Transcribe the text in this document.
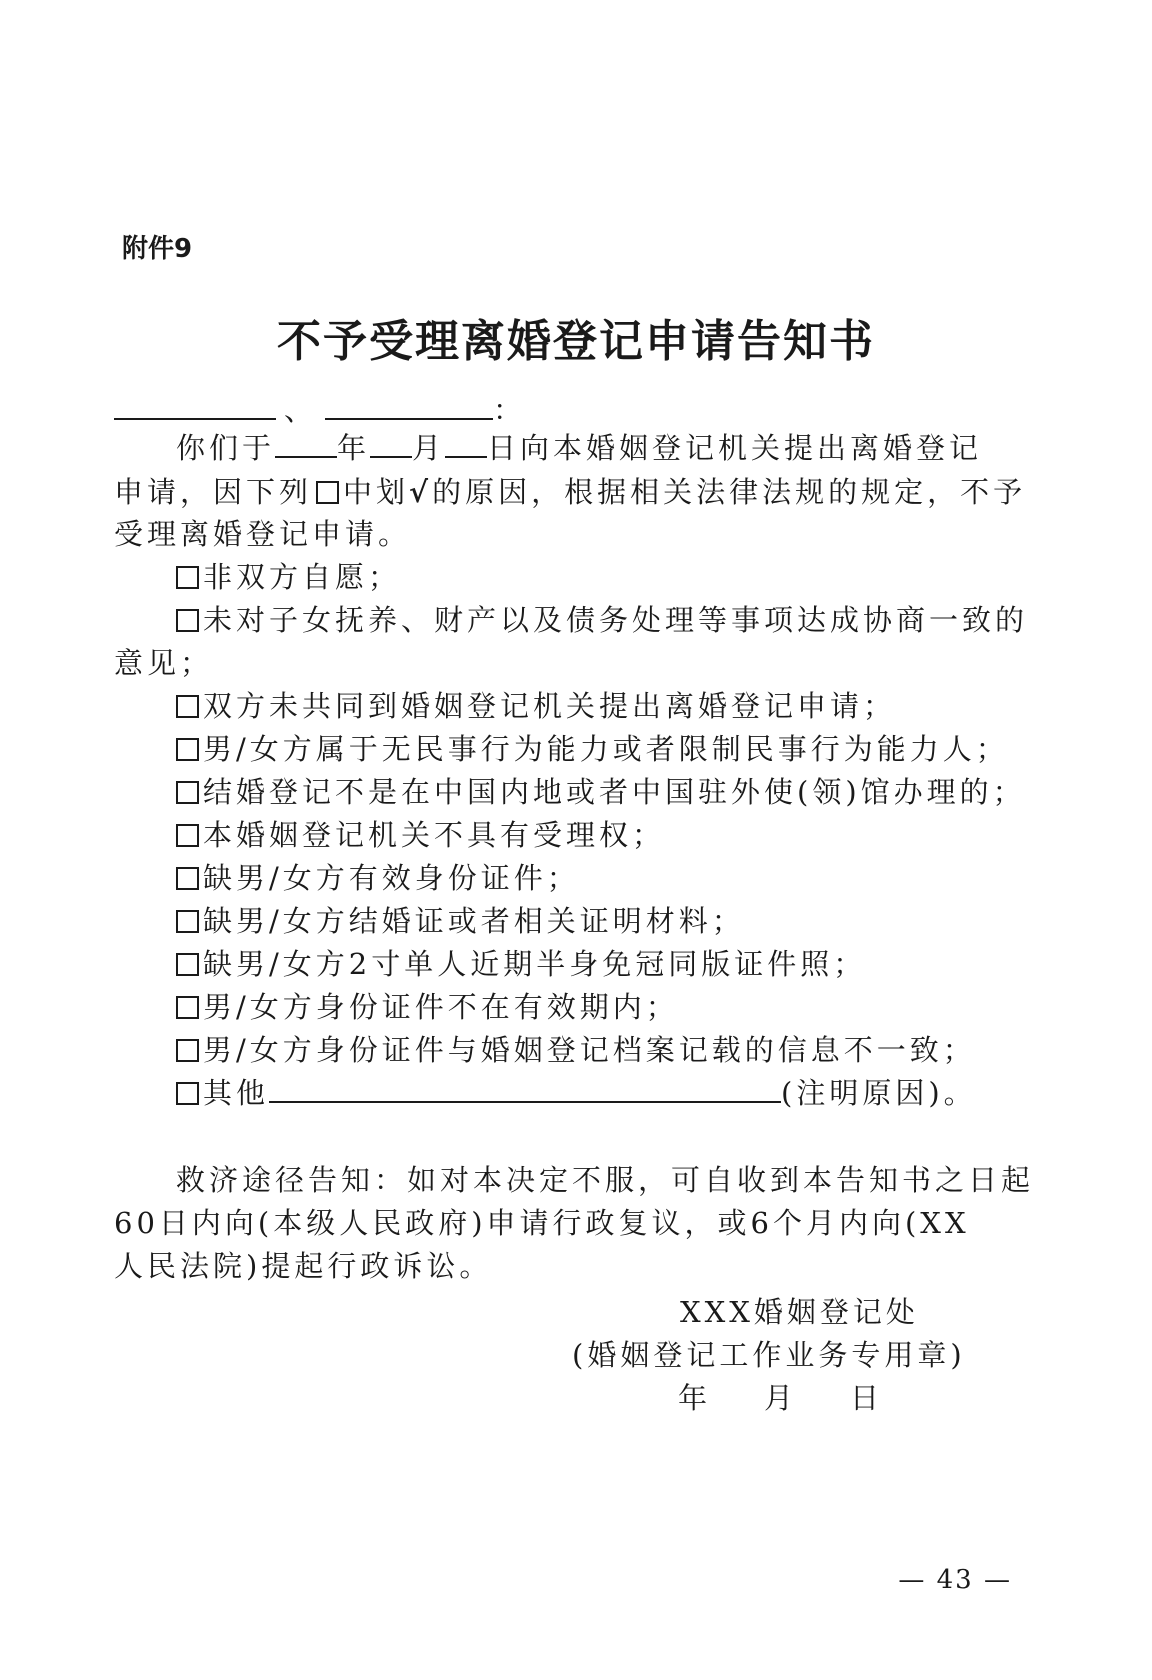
附件9
不予受理离婚登记申请告知书
、	：
你们于 年 月 日向本婚姻登记机关提出离婚登记
申请，因下列 中划√的原因，根据相关法律法规的规定，不予
受理离婚登记申请。
非双方自愿；
未对子女抚养、财产以及债务处理等事项达成协商一致的
意见；
双方未共同到婚姻登记机关提出离婚登记申请；
男/女方属于无民事行为能力或者限制民事行为能力人；
结婚登记不是在中国内地或者中国驻外使(领)馆办理的；
本婚姻登记机关不具有受理权；
缺男/女方有效身份证件；
缺男/女方结婚证或者相关证明材料；
缺男/女方2寸单人近期半身免冠同版证件照；
男/女方身份证件不在有效期内；
男/女方身份证件与婚姻登记档案记载的信息不一致；
其他	(注明原因)。
救济途径告知：如对本决定不服，可自收到本告知书之日起
60日内向(本级人民政府)申请行政复议，或6个月内向(XX
人民法院)提起行政诉讼。
XXX婚姻登记处
(婚姻登记工作业务专用章)
年　月　日
— 43 —
